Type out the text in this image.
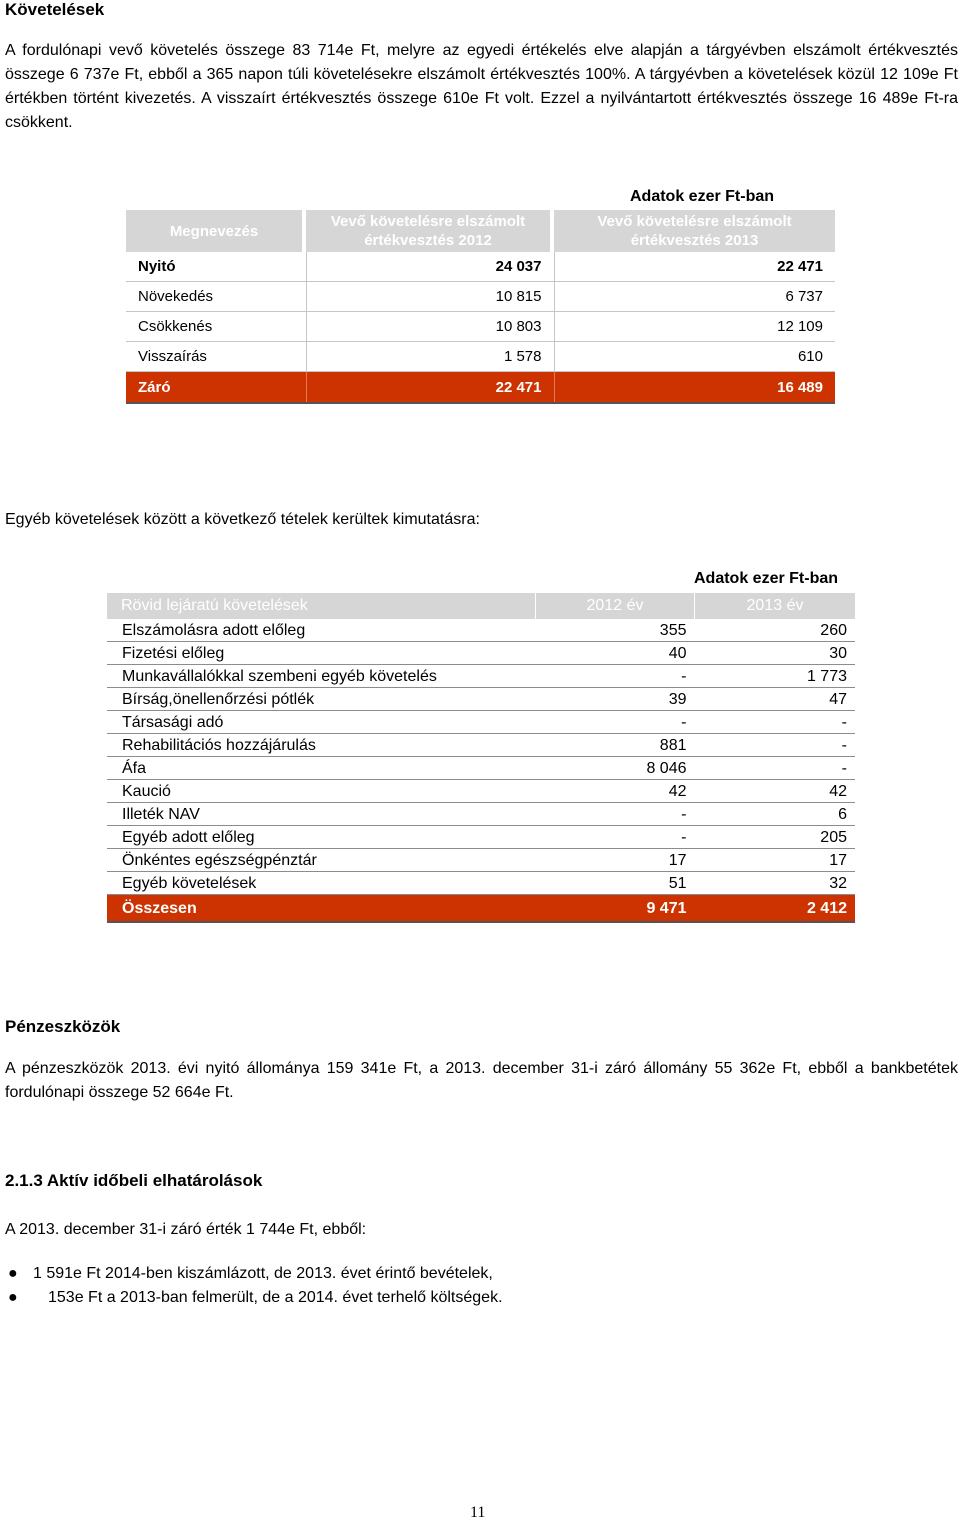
Követelések

A fordulónapi vevő követelés összege 83 714e Ft, melyre az egyedi értékelés elve alapján a tárgyévben elszámolt értékvesztés összege 6 737e Ft, ebből a 365 napon túli követelésekre elszámolt értékvesztés 100%. A tárgyévben a követelések közül 12 109e Ft értékben történt kivezetés. A visszaírt értékvesztés összege 610e Ft volt. Ezzel a nyilvántartott értékvesztés összege 16 489e Ft-ra csökkent.

Adatok ezer Ft-ban
Megnevezés		Vevő követelésre elszámolt értékvesztés 2012		Vevő követelésre elszámolt értékvesztés 2013
Nyitó		24 037		22 471
Növekedés		10 815		6 737
Csökkenés		10 803		12 109
Visszaírás		1 578		610
Záró		22 471		16 489

Egyéb követelések között a következő tételek kerültek kimutatásra:

Adatok ezer Ft-ban
Rövid lejáratú követelések	2012 év	2013 év
Elszámolásra adott előleg	355	260
Fizetési előleg	40	30
Munkavállalókkal szembeni egyéb követelés	-	1 773
Bírság,önellenőrzési pótlék	39	47
Társasági adó	-	-
Rehabilitációs hozzájárulás	881	-
Áfa	8 046	-
Kaució	42	42
Illeték NAV	-	6
Egyéb adott előleg	-	205
Önkéntes egészségpénztár	17	17
Egyéb követelések	51	32
Összesen	9 471	2 412
Pénzeszközök

A pénzeszközök 2013. évi nyitó állománya 159 341e Ft, a 2013. december 31-i záró állomány 55 362e Ft, ebből a bankbetétek fordulónapi összege 52 664e Ft.

2.1.3 Aktív időbeli elhatárolások

A 2013. december 31-i záró érték 1 744e Ft, ebből:

● 1 591e Ft 2014-ben kiszámlázott, de 2013. évet érintő bevételek,
● 153e Ft a 2013-ban felmerült, de a 2014. évet terhelő költségek.
11
